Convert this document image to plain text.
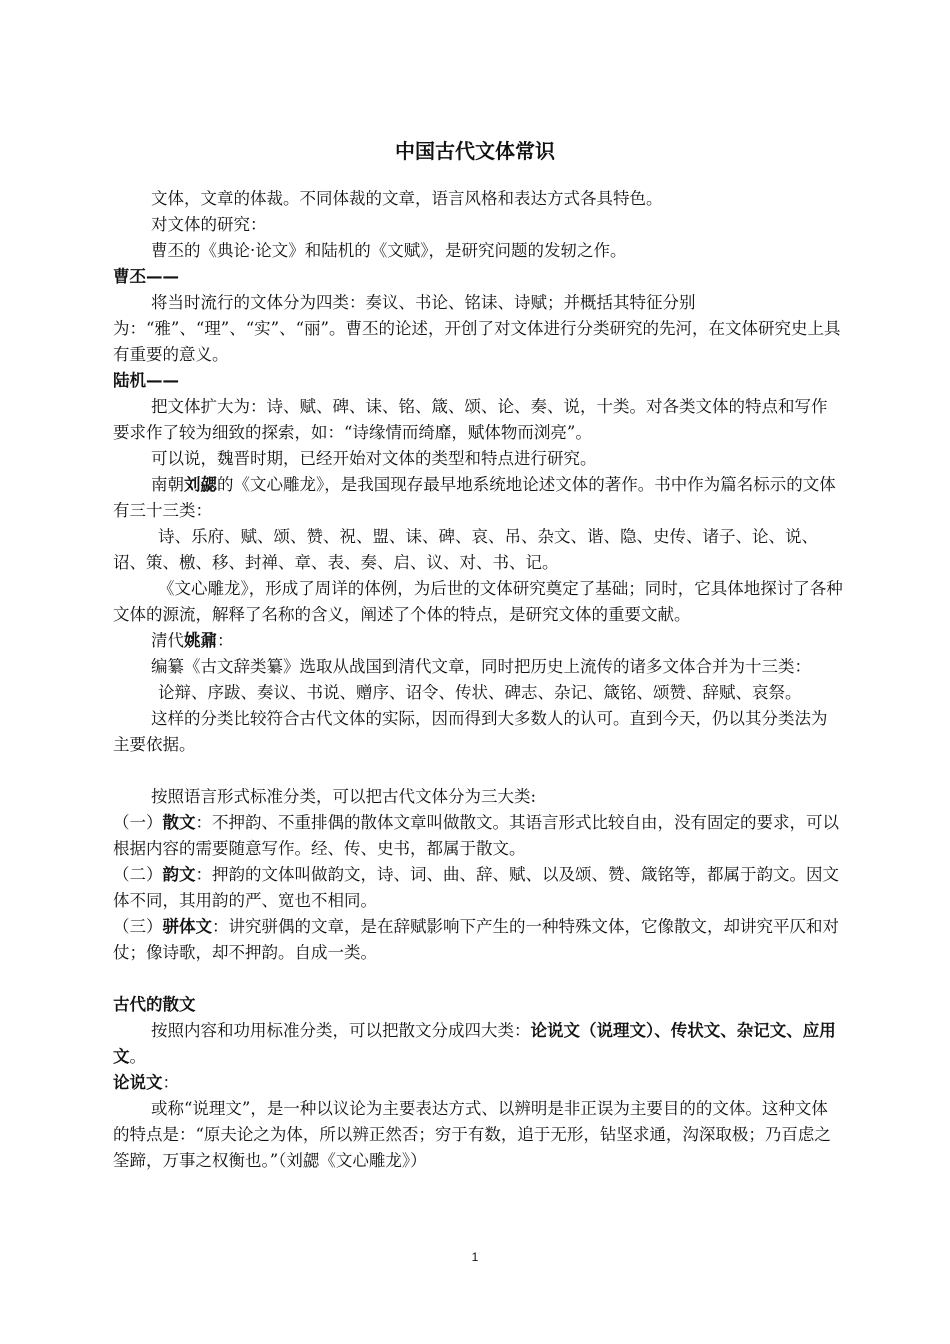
中国古代文体常识

文体，文章的体裁。不同体裁的文章，语言风格和表达方式各具特色。

对文体的研究：

曹丕的《典论·论文》和陆机的《文赋》，是研究问题的发轫之作。

曹丕——

将当时流行的文体分为四类：奏议、书论、铭诔、诗赋；并概括其特征分别为：“雅”、“理”、“实”、“丽”。曹丕的论述，开创了对文体进行分类研究的先河，在文体研究史上具有重要的意义。

陆机——

把文体扩大为：诗、赋、碑、诔、铭、箴、颂、论、奏、说，十类。对各类文体的特点和写作要求作了较为细致的探索，如：“诗缘情而绮靡，赋体物而浏亮”。

可以说，魏晋时期，已经开始对文体的类型和特点进行研究。

南朝刘勰的《文心雕龙》，是我国现存最早地系统地论述文体的著作。书中作为篇名标示的文体有三十三类：

诗、乐府、赋、颂、赞、祝、盟、诔、碑、哀、吊、杂文、谐、隐、史传、诸子、论、说、诏、策、檄、移、封禅、章、表、奏、启、议、对、书、记。

《文心雕龙》，形成了周详的体例，为后世的文体研究奠定了基础；同时，它具体地探讨了各种文体的源流，解释了名称的含义，阐述了个体的特点，是研究文体的重要文献。

清代姚鼐：

编纂《古文辞类纂》选取从战国到清代文章，同时把历史上流传的诸多文体合并为十三类：

论辩、序跋、奏议、书说、赠序、诏令、传状、碑志、杂记、箴铭、颂赞、辞赋、哀祭。

这样的分类比较符合古代文体的实际，因而得到大多数人的认可。直到今天，仍以其分类法为主要依据。

按照语言形式标准分类，可以把古代文体分为三大类:

（一）散文：不押韵、不重排偶的散体文章叫做散文。其语言形式比较自由，没有固定的要求，可以根据内容的需要随意写作。经、传、史书，都属于散文。

（二）韵文：押韵的文体叫做韵文，诗、词、曲、辞、赋、以及颂、赞、箴铭等，都属于韵文。因文体不同，其用韵的严、宽也不相同。

（三）骈体文：讲究骈偶的文章，是在辞赋影响下产生的一种特殊文体，它像散文，却讲究平仄和对仗；像诗歌，却不押韵。自成一类。

古代的散文

按照内容和功用标准分类，可以把散文分成四大类：论说文（说理文）、传状文、杂记文、应用文。

论说文：

或称“说理文”，是一种以议论为主要表达方式、以辨明是非正误为主要目的的文体。这种文体的特点是：“原夫论之为体，所以辨正然否；穷于有数，追于无形，钻坚求通，沟深取极；乃百虑之筌蹄，万事之权衡也。”（刘勰《文心雕龙》）

1
